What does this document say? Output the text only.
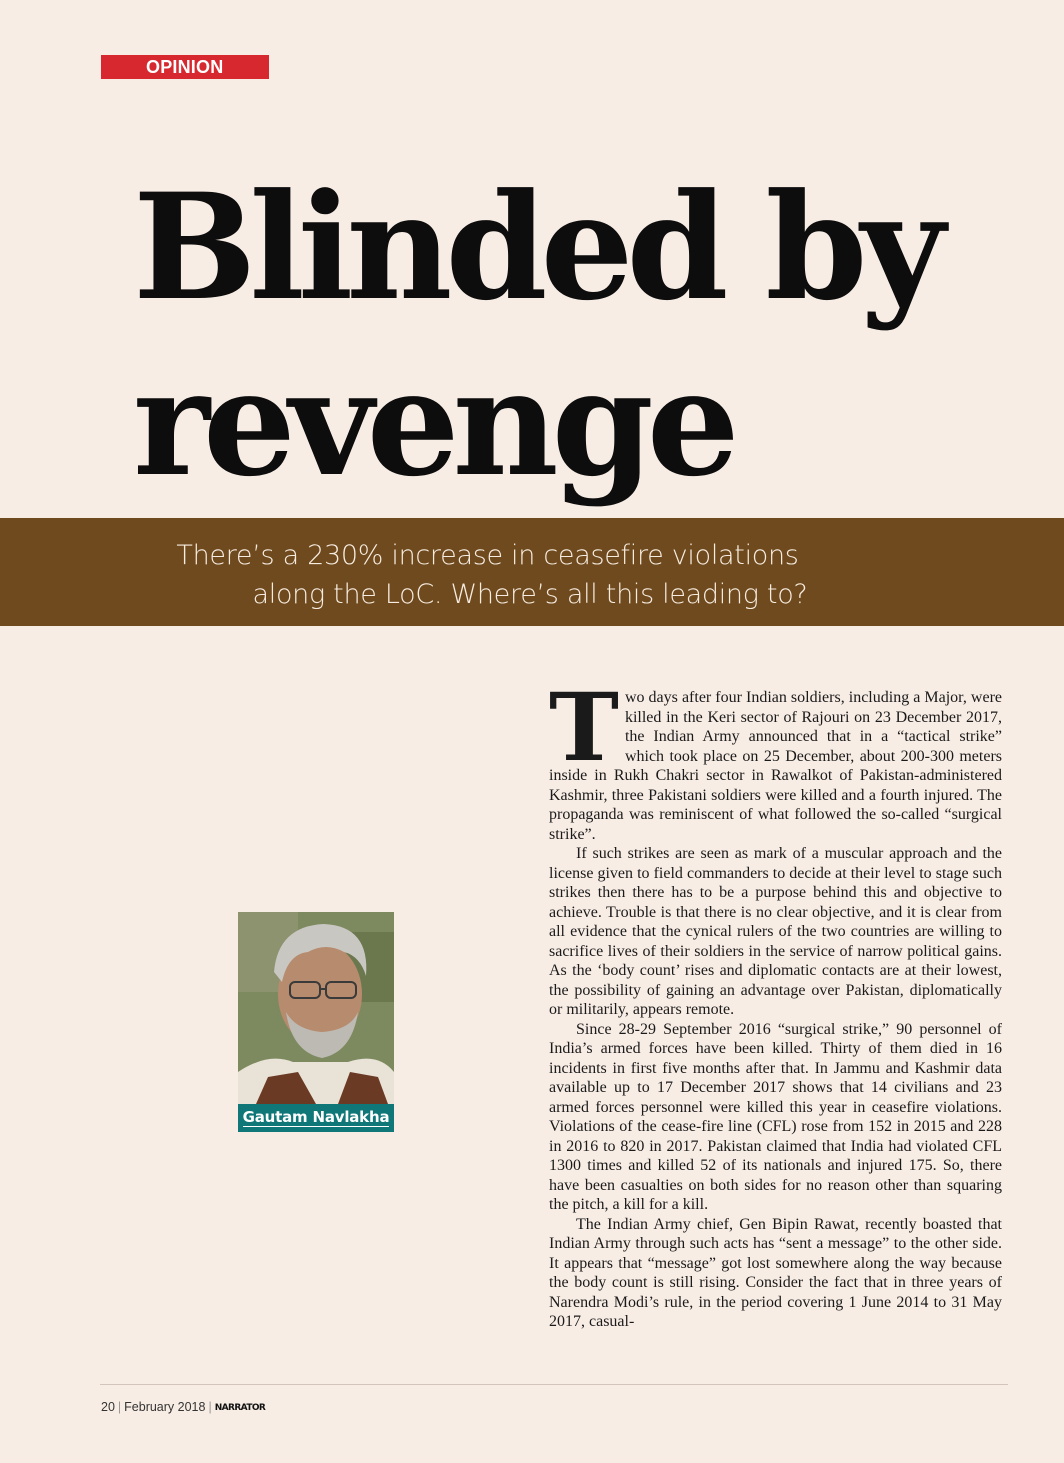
OPINION
Blinded by
revenge

There’s a 230% increase in ceasefire violations
along the LoC. Where’s all this leading to?

Gautam Navlakha

Two days after four Indian soldiers, including a Major, were killed in the Keri sector of Rajouri on 23 December 2017, the Indian Army announced that in a “tactical strike” which took place on 25 December, about 200-300 meters inside in Rukh Chakri sector in Rawalkot of Pakistan-administered Kashmir, three Pakistani soldiers were killed and a fourth injured. The propaganda was reminiscent of what followed the so-called “surgical strike”.

If such strikes are seen as mark of a muscular approach and the license given to field commanders to decide at their level to stage such strikes then there has to be a purpose behind this and objective to achieve. Trouble is that there is no clear objective, and it is clear from all evidence that the cynical rulers of the two countries are willing to sacrifice lives of their soldiers in the service of narrow political gains. As the ‘body count’ rises and diplomatic contacts are at their lowest, the possibility of gaining an advantage over Pakistan, diplomatically or militarily, appears remote.

Since 28-29 September 2016 “surgical strike,” 90 personnel of India’s armed forces have been killed. Thirty of them died in 16 incidents in first five months after that. In Jammu and Kashmir data available up to 17 December 2017 shows that 14 civilians and 23 armed forces personnel were killed this year in ceasefire violations. Violations of the cease-fire line (CFL) rose from 152 in 2015 and 228 in 2016 to 820 in 2017. Pakistan claimed that India had violated CFL 1300 times and killed 52 of its nationals and injured 175. So, there have been casualties on both sides for no reason other than squaring the pitch, a kill for a kill.

The Indian Army chief, Gen Bipin Rawat, recently boasted that Indian Army through such acts has “sent a message” to the other side. It appears that “message” got lost somewhere along the way because the body count is still rising. Consider the fact that in three years of Narendra Modi’s rule, in the period covering 1 June 2014 to 31 May 2017, casual-

20 | February 2018 | NARRATOR
